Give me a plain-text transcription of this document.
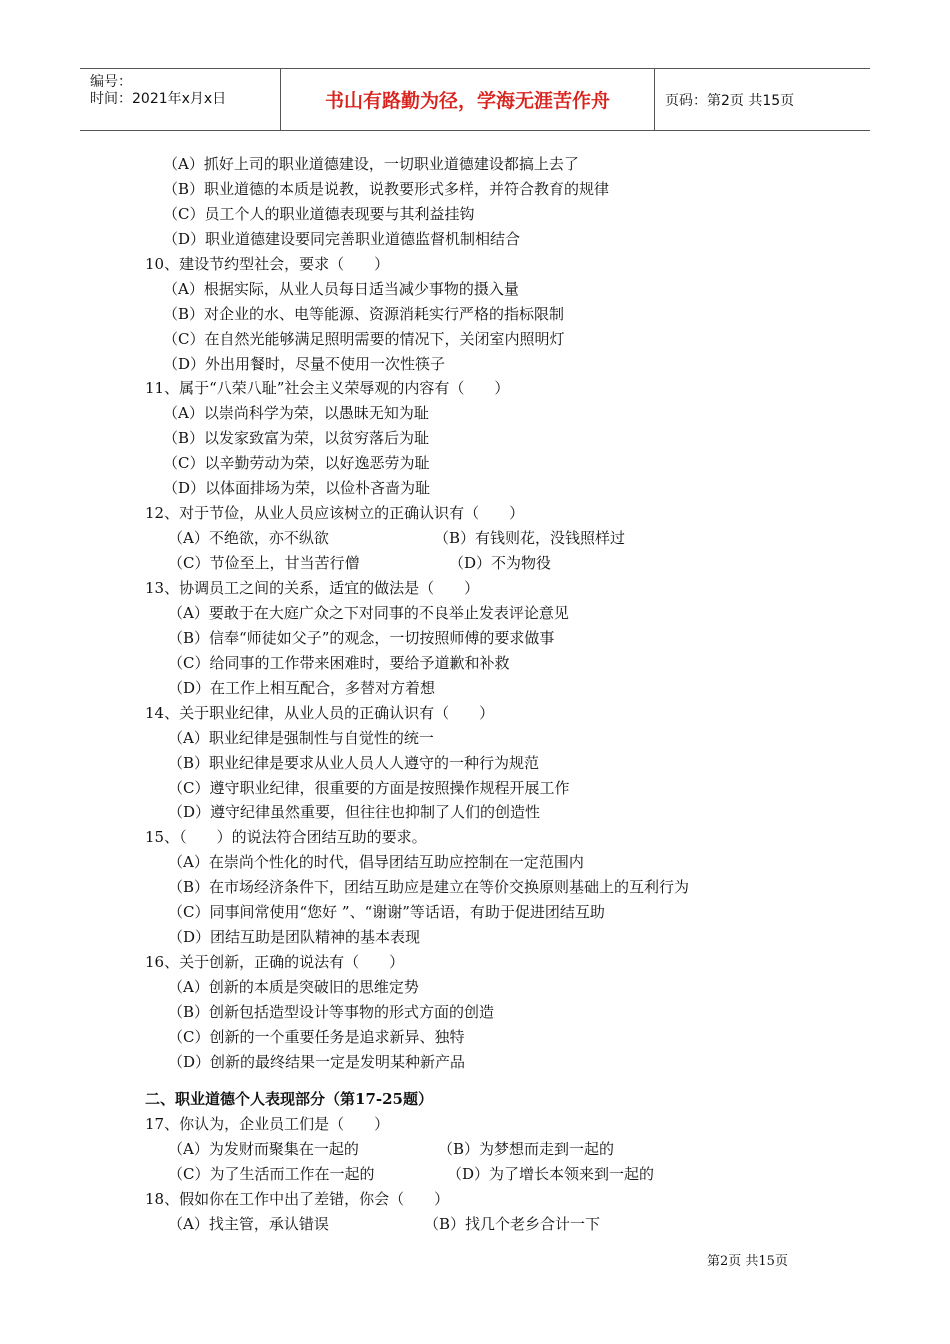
编号：
时间：2021年x月x日	书山有路勤为径，学海无涯苦作舟	页码：第2页 共15页
（A）抓好上司的职业道德建设，一切职业道德建设都搞上去了
（B）职业道德的本质是说教，说教要形式多样，并符合教育的规律
（C）员工个人的职业道德表现要与其利益挂钩
（D）职业道德建设要同完善职业道德监督机制相结合
10、建设节约型社会，要求（　　）
（A）根据实际，从业人员每日适当减少事物的摄入量
（B）对企业的水、电等能源、资源消耗实行严格的指标限制
（C）在自然光能够满足照明需要的情况下，关闭室内照明灯
（D）外出用餐时，尽量不使用一次性筷子
11、属于“八荣八耻”社会主义荣辱观的内容有（　　）
（A）以崇尚科学为荣，以愚昧无知为耻
（B）以发家致富为荣，以贫穷落后为耻
（C）以辛勤劳动为荣，以好逸恶劳为耻
（D）以体面排场为荣，以俭朴吝啬为耻
12、对于节俭，从业人员应该树立的正确认识有（　　）
（A）不绝欲，亦不纵欲	（B）有钱则花，没钱照样过
（C）节俭至上，甘当苦行僧	（D）不为物役
13、协调员工之间的关系，适宜的做法是（　　）
（A）要敢于在大庭广众之下对同事的不良举止发表评论意见
（B）信奉“师徒如父子”的观念，一切按照师傅的要求做事
（C）给同事的工作带来困难时，要给予道歉和补救
（D）在工作上相互配合，多替对方着想
14、关于职业纪律，从业人员的正确认识有（　　）
（A）职业纪律是强制性与自觉性的统一
（B）职业纪律是要求从业人员人人遵守的一种行为规范
（C）遵守职业纪律，很重要的方面是按照操作规程开展工作
（D）遵守纪律虽然重要，但往往也抑制了人们的创造性
15、（　　）的说法符合团结互助的要求。
（A）在崇尚个性化的时代，倡导团结互助应控制在一定范围内
（B）在市场经济条件下，团结互助应是建立在等价交换原则基础上的互利行为
（C）同事间常使用“您好 ”、“谢谢”等话语，有助于促进团结互助
（D）团结互助是团队精神的基本表现
16、关于创新，正确的说法有（　　）
（A）创新的本质是突破旧的思维定势
（B）创新包括造型设计等事物的形式方面的创造
（C）创新的一个重要任务是追求新异、独特
（D）创新的最终结果一定是发明某种新产品
二、职业道德个人表现部分（第17-25题）
17、你认为，企业员工们是（　　）
（A）为发财而聚集在一起的	（B）为梦想而走到一起的
（C）为了生活而工作在一起的	（D）为了增长本领来到一起的
18、假如你在工作中出了差错，你会（　　）
（A）找主管，承认错误	（B）找几个老乡合计一下
第2页 共15页
